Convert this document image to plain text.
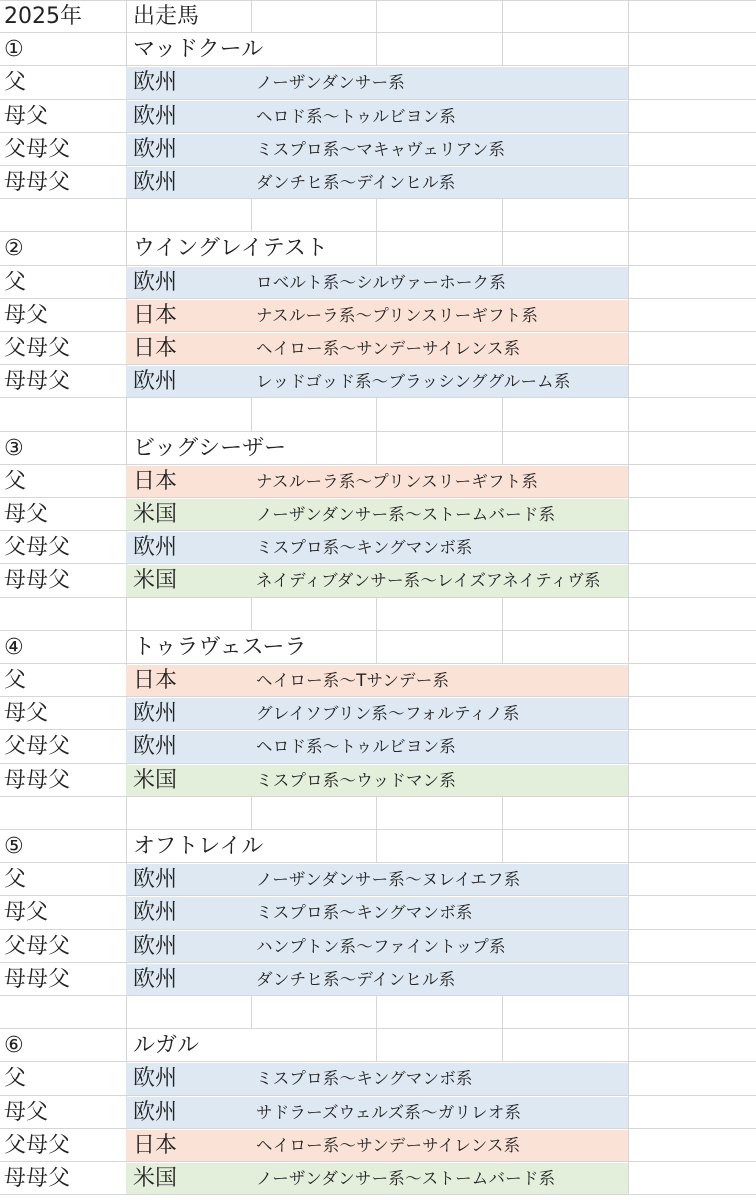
2025年 出走馬
①	マッドクール
父	欧州	ノーザンダンサー系
母父	欧州	ヘロド系～トゥルビヨン系
父母父	欧州	ミスプロ系～マキャヴェリアン系
母母父	欧州	ダンチヒ系～デインヒル系
②	ウイングレイテスト
父	欧州	ロベルト系～シルヴァーホーク系
母父	日本	ナスルーラ系～プリンスリーギフト系
父母父	日本	ヘイロー系～サンデーサイレンス系
母母父	欧州	レッドゴッド系～ブラッシンググルーム系
③	ビッグシーザー
父	日本	ナスルーラ系～プリンスリーギフト系
母父	米国	ノーザンダンサー系～ストームバード系
父母父	欧州	ミスプロ系～キングマンボ系
母母父	米国	ネイディブダンサー系～レイズアネイティヴ系
④	トゥラヴェスーラ
父	日本	ヘイロー系～Tサンデー系
母父	欧州	グレイソブリン系～フォルティノ系
父母父	欧州	ヘロド系～トゥルビヨン系
母母父	米国	ミスプロ系～ウッドマン系
⑤	オフトレイル
父	欧州	ノーザンダンサー系～ヌレイエフ系
母父	欧州	ミスプロ系～キングマンボ系
父母父	欧州	ハンプトン系～ファイントップ系
母母父	欧州	ダンチヒ系～デインヒル系
⑥	ルガル
父	欧州	ミスプロ系～キングマンボ系
母父	欧州	サドラーズウェルズ系～ガリレオ系
父母父	日本	ヘイロー系～サンデーサイレンス系
母母父	米国	ノーザンダンサー系～ストームバード系
